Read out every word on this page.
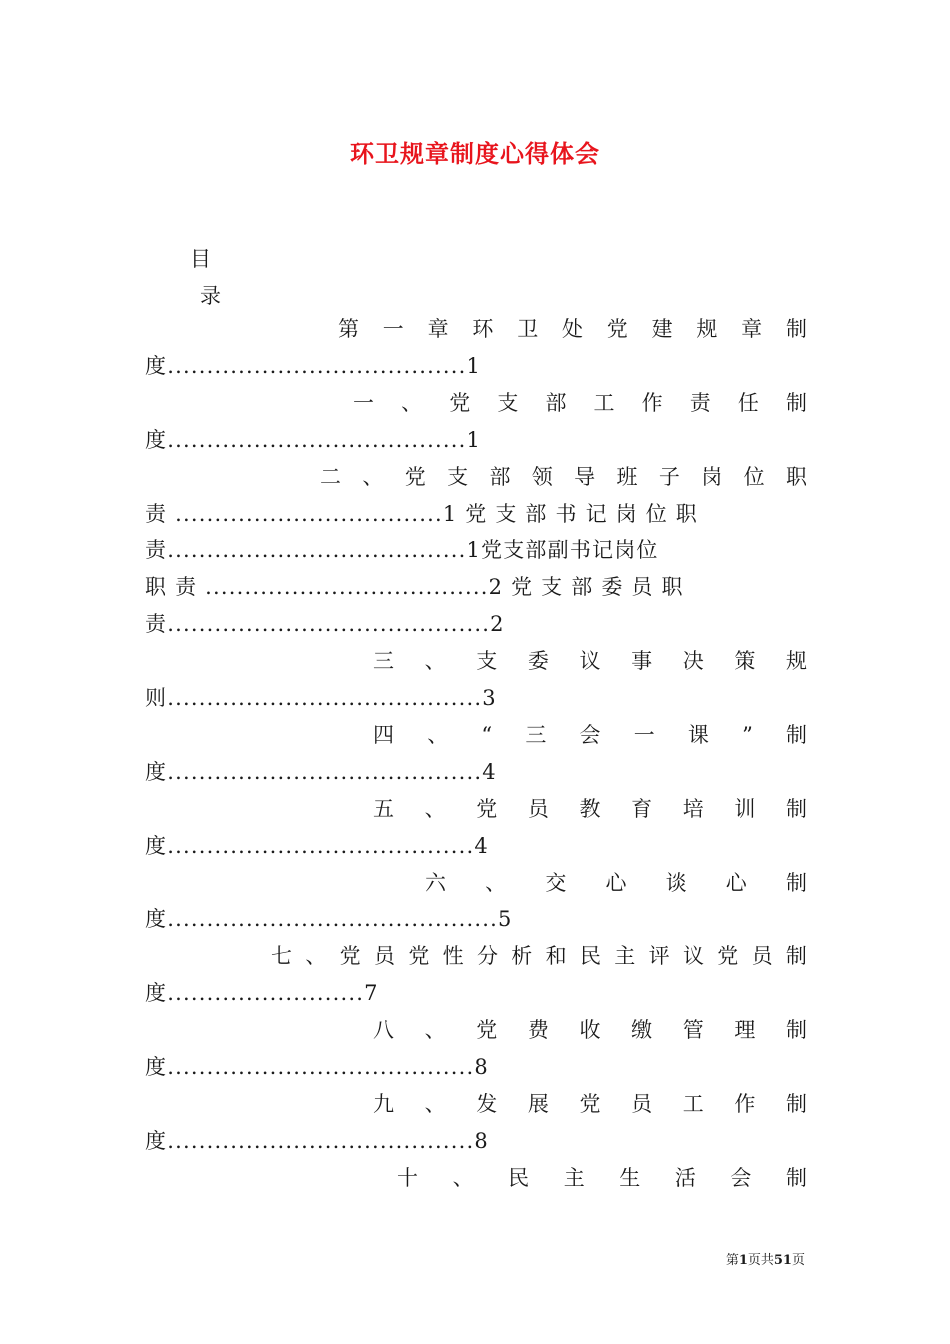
环卫规章制度心得体会
目
录
第 一 章 环 卫 处 党 建 规 章 制
度......................................1
一 、 党 支 部 工 作 责 任 制
度......................................1
二 、 党 支 部 领 导 班 子 岗 位 职
责 ..................................1 党 支 部 书 记 岗 位 职
责......................................1党支部副书记岗位
职 责 ....................................2 党 支 部 委 员 职
责.........................................2
三 、 支 委 议 事 决 策 规
则........................................3
四 、 “ 三 会 一 课 ” 制
度........................................4
五 、 党 员 教 育 培 训 制
度.......................................4
六 、 交 心 谈 心 制
度..........................................5
七 、 党 员 党 性 分 析 和 民 主 评 议 党 员 制
度.........................7
八 、 党 费 收 缴 管 理 制
度.......................................8
九 、 发 展 党 员 工 作 制
度.......................................8
十 、 民 主 生 活 会 制
第1页共51页
